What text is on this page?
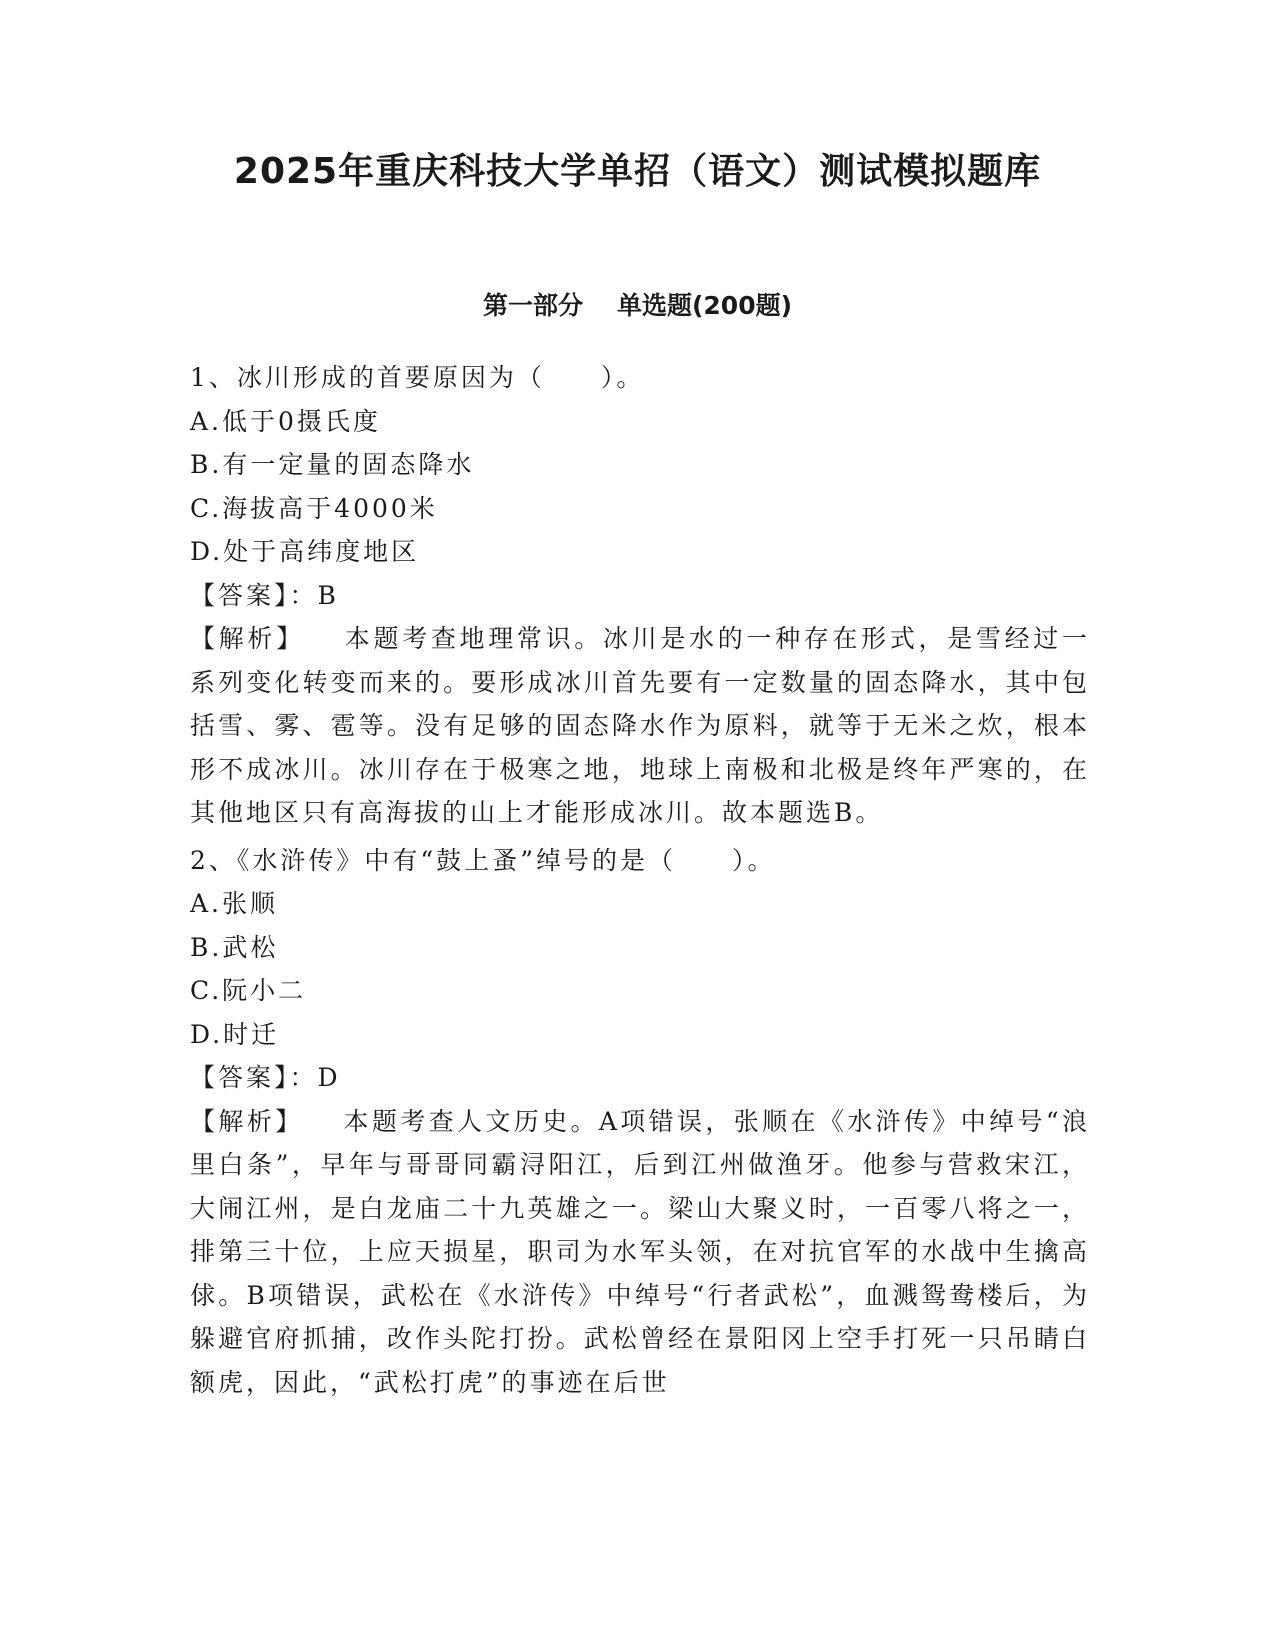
2025年重庆科技大学单招（语文）测试模拟题库
第一部分 单选题(200题)

1、冰川形成的首要原因为（　　）。

A.低于0摄氏度

B.有一定量的固态降水

C.海拔高于4000米

D.处于高纬度地区

【答案】：B

【解析】 本题考查地理常识。冰川是水的一种存在形式，是雪经过一系列变化转变而来的。要形成冰川首先要有一定数量的固态降水，其中包括雪、雾、雹等。没有足够的固态降水作为原料，就等于无米之炊，根本形不成冰川。冰川存在于极寒之地，地球上南极和北极是终年严寒的，在其他地区只有高海拔的山上才能形成冰川。故本题选B。

2、《水浒传》中有“鼓上蚤”绰号的是（　　）。

A.张顺

B.武松

C.阮小二

D.时迁

【答案】：D

【解析】 本题考查人文历史。A项错误，张顺在《水浒传》中绰号“浪里白条”，早年与哥哥同霸浔阳江，后到江州做渔牙。他参与营救宋江，大闹江州，是白龙庙二十九英雄之一。梁山大聚义时，一百零八将之一，排第三十位，上应天损星，职司为水军头领，在对抗官军的水战中生擒高俅。B项错误，武松在《水浒传》中绰号“行者武松”，血溅鸳鸯楼后，为躲避官府抓捕，改作头陀打扮。武松曾经在景阳冈上空手打死一只吊睛白额虎，因此，“武松打虎”的事迹在后世
